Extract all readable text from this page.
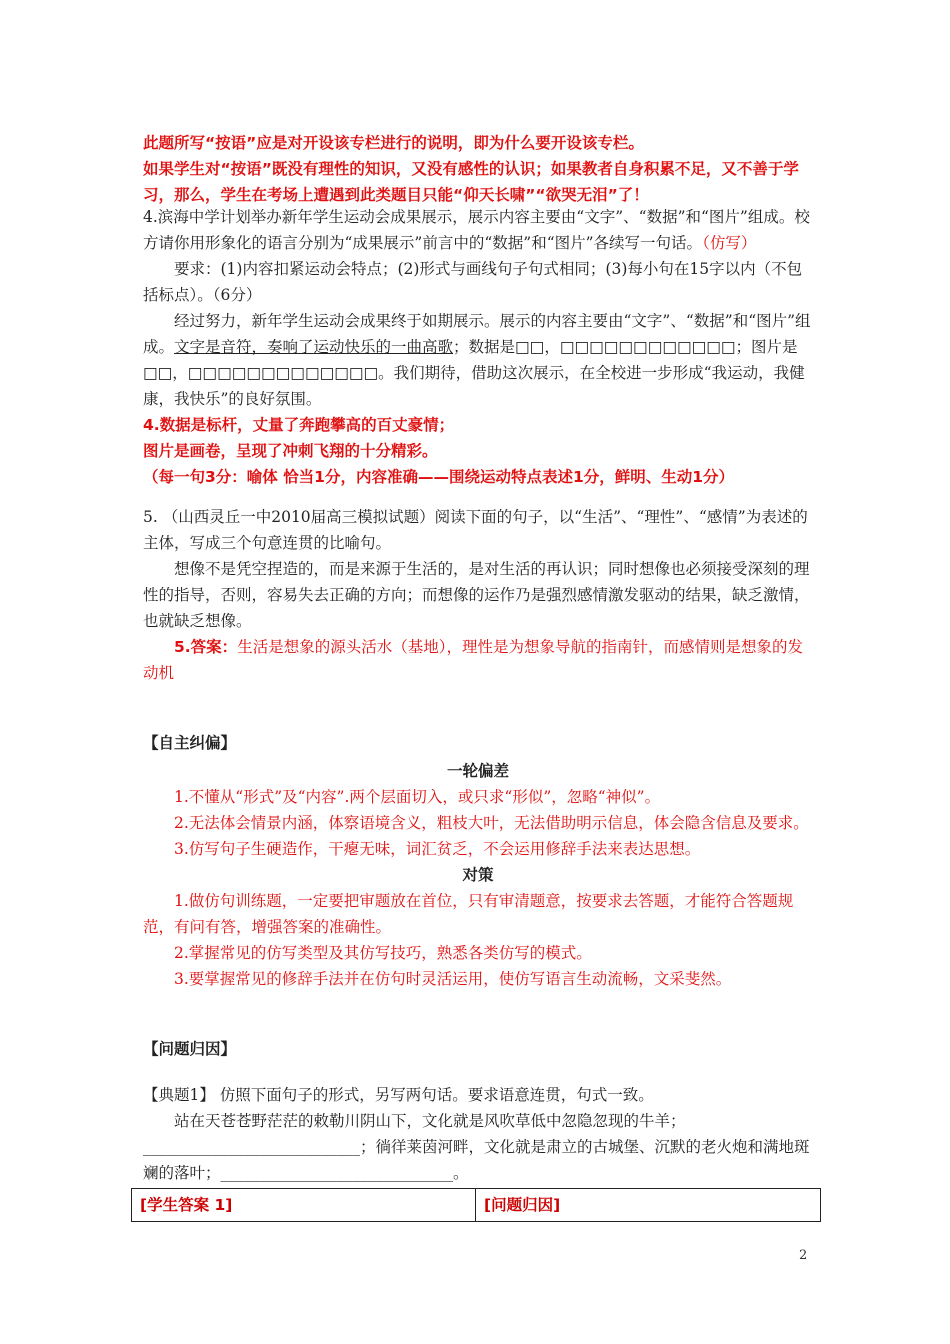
此题所写“按语”应是对开设该专栏进行的说明，即为什么要开设该专栏。

如果学生对“按语”既没有理性的知识，又没有感性的认识；如果教者自身积累不足，又不善于学习，那么，学生在考场上遭遇到此类题目只能“仰天长啸”“欲哭无泪”了！

4.滨海中学计划举办新年学生运动会成果展示，展示内容主要由“文字”、“数据”和“图片”组成。校方请你用形象化的语言分别为“成果展示”前言中的“数据”和“图片”各续写一句话。（仿写）

要求：(1)内容扣紧运动会特点；(2)形式与画线句子句式相同；(3)每小句在15字以内（不包括标点）。（6分）

经过努力，新年学生运动会成果终于如期展示。展示的内容主要由“文字”、“数据”和“图片”组成。文字是音符，奏响了运动快乐的一曲高歌；数据是□□，□□□□□□□□□□□□；图片是□□，□□□□□□□□□□□□□。我们期待，借助这次展示，在全校进一步形成“我运动，我健康，我快乐”的良好氛围。

4.数据是标杆，丈量了奔跑攀高的百丈豪情；

图片是画卷，呈现了冲刺飞翔的十分精彩。

（每一句3分：喻体 恰当1分，内容准确——围绕运动特点表述1分，鲜明、生动1分）

5. （山西灵丘一中2010届高三模拟试题）阅读下面的句子，以“生活”、“理性”、“感情”为表述的主体，写成三个句意连贯的比喻句。

想像不是凭空捏造的，而是来源于生活的，是对生活的再认识；同时想像也必须接受深刻的理性的指导，否则，容易失去正确的方向；而想像的运作乃是强烈感情激发驱动的结果，缺乏激情，也就缺乏想像。

5.答案：生活是想象的源头活水（基地），理性是为想象导航的指南针，而感情则是想象的发动机

【自主纠偏】

一轮偏差

1.不懂从“形式”及“内容”.两个层面切入，或只求“形似”，忽略“神似”。

2.无法体会情景内涵，体察语境含义，粗枝大叶，无法借助明示信息，体会隐含信息及要求。

3.仿写句子生硬造作，干瘪无味，词汇贫乏，不会运用修辞手法来表达思想。

对策

1.做仿句训练题，一定要把审题放在首位，只有审清题意，按要求去答题，才能符合答题规范，有问有答，增强答案的准确性。

2.掌握常见的仿写类型及其仿写技巧，熟悉各类仿写的模式。

3.要掌握常见的修辞手法并在仿句时灵活运用，使仿写语言生动流畅，文采斐然。

【问题归因】

【典题1】 仿照下面句子的形式，另写两句话。要求语意连贯，句式一致。

站在天苍苍野茫茫的敕勒川阴山下，文化就是风吹草低中忽隐忽现的牛羊；____________________________；徜徉莱茵河畔，文化就是肃立的古城堡、沉默的老火炮和满地斑斓的落叶；______________________________。

[学生答案 1]	[问题归因]
2
